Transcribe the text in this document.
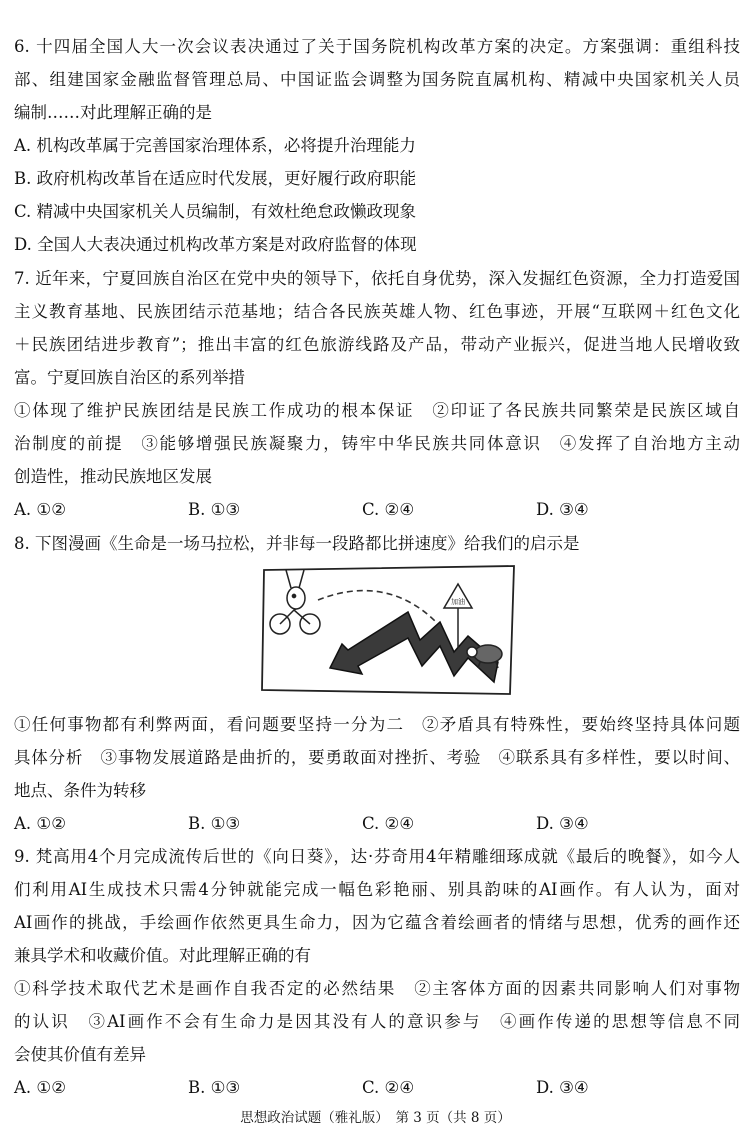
6. 十四届全国人大一次会议表决通过了关于国务院机构改革方案的决定。方案强调：重组科技
部、组建国家金融监督管理总局、中国证监会调整为国务院直属机构、精减中央国家机关人员
编制……对此理解正确的是
A. 机构改革属于完善国家治理体系，必将提升治理能力
B. 政府机构改革旨在适应时代发展，更好履行政府职能
C. 精减中央国家机关人员编制，有效杜绝怠政懒政现象
D. 全国人大表决通过机构改革方案是对政府监督的体现
7. 近年来，宁夏回族自治区在党中央的领导下，依托自身优势，深入发掘红色资源，全力打造爱国
主义教育基地、民族团结示范基地；结合各民族英雄人物、红色事迹，开展“互联网＋红色文化
＋民族团结进步教育”；推出丰富的红色旅游线路及产品，带动产业振兴，促进当地人民增收致
富。宁夏回族自治区的系列举措
①体现了维护民族团结是民族工作成功的根本保证　②印证了各民族共同繁荣是民族区域自
治制度的前提　③能够增强民族凝聚力，铸牢中华民族共同体意识　④发挥了自治地方主动
创造性，推动民族地区发展
A. ①②	B. ①③	C. ②④	D. ③④
8. 下图漫画《生命是一场马拉松，并非每一段路都比拼速度》给我们的启示是
加油
①任何事物都有利弊两面，看问题要坚持一分为二　②矛盾具有特殊性，要始终坚持具体问题
具体分析　③事物发展道路是曲折的，要勇敢面对挫折、考验　④联系具有多样性，要以时间、
地点、条件为转移
A. ①②	B. ①③	C. ②④	D. ③④
9. 梵高用4个月完成流传后世的《向日葵》，达·芬奇用4年精雕细琢成就《最后的晚餐》，如今人
们利用AI生成技术只需4分钟就能完成一幅色彩艳丽、别具韵味的AI画作。有人认为，面对
AI画作的挑战，手绘画作依然更具生命力，因为它蕴含着绘画者的情绪与思想，优秀的画作还
兼具学术和收藏价值。对此理解正确的有
①科学技术取代艺术是画作自我否定的必然结果　②主客体方面的因素共同影响人们对事物
的认识　③AI画作不会有生命力是因其没有人的意识参与　④画作传递的思想等信息不同
会使其价值有差异
A. ①②	B. ①③	C. ②④	D. ③④
思想政治试题（雅礼版）　第 3 页（共 8 页）
